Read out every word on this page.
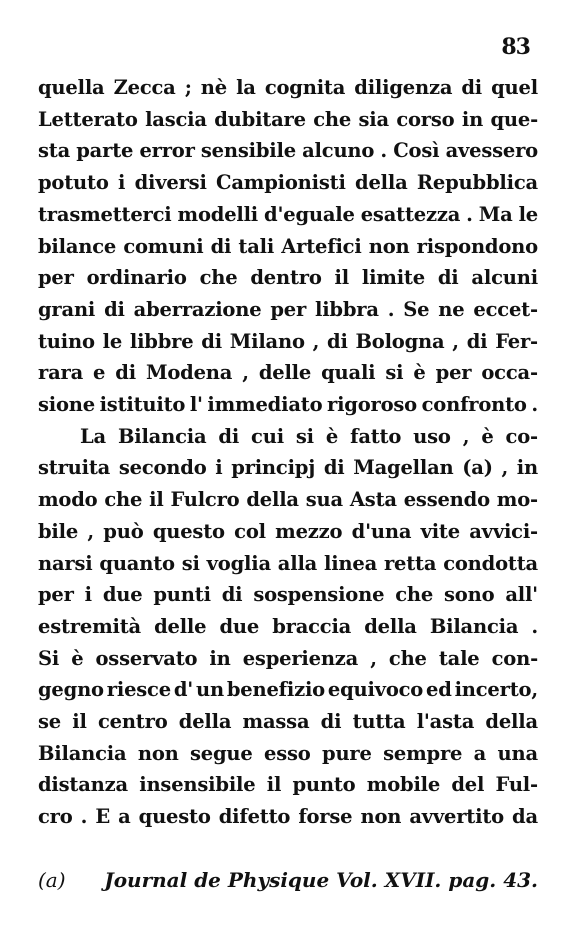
83
quella Zecca ; nè la cognita diligenza di quel
Letterato lascia dubitare che sia corso in que-
sta parte error sensibile alcuno . Così avessero
potuto i diversi Campionisti della Repubblica
trasmetterci modelli d'eguale esattezza . Ma le
bilance comuni di tali Artefici non rispondono
per ordinario che dentro il limite di alcuni
grani di aberrazione per libbra . Se ne eccet-
tuino le libbre di Milano , di Bologna , di Fer-
rara e di Modena , delle quali si è per occa-
sione istituito l' immediato rigoroso confronto .
La Bilancia di cui si è fatto uso , è co-
struita secondo i principj di Magellan (a) , in
modo che il Fulcro della sua Asta essendo mo-
bile , può questo col mezzo d'una vite avvici-
narsi quanto si voglia alla linea retta condotta
per i due punti di sospensione che sono all'
estremità delle due braccia della Bilancia .
Si è osservato in esperienza , che tale con-
gegno riesce d' un benefizio equivoco ed incerto,
se il centro della massa di tutta l'asta della
Bilancia non segue esso pure sempre a una
distanza insensibile il punto mobile del Ful-
cro . E a questo difetto forse non avvertito da
(a) Journal de Physique Vol. XVII. pag. 43.
